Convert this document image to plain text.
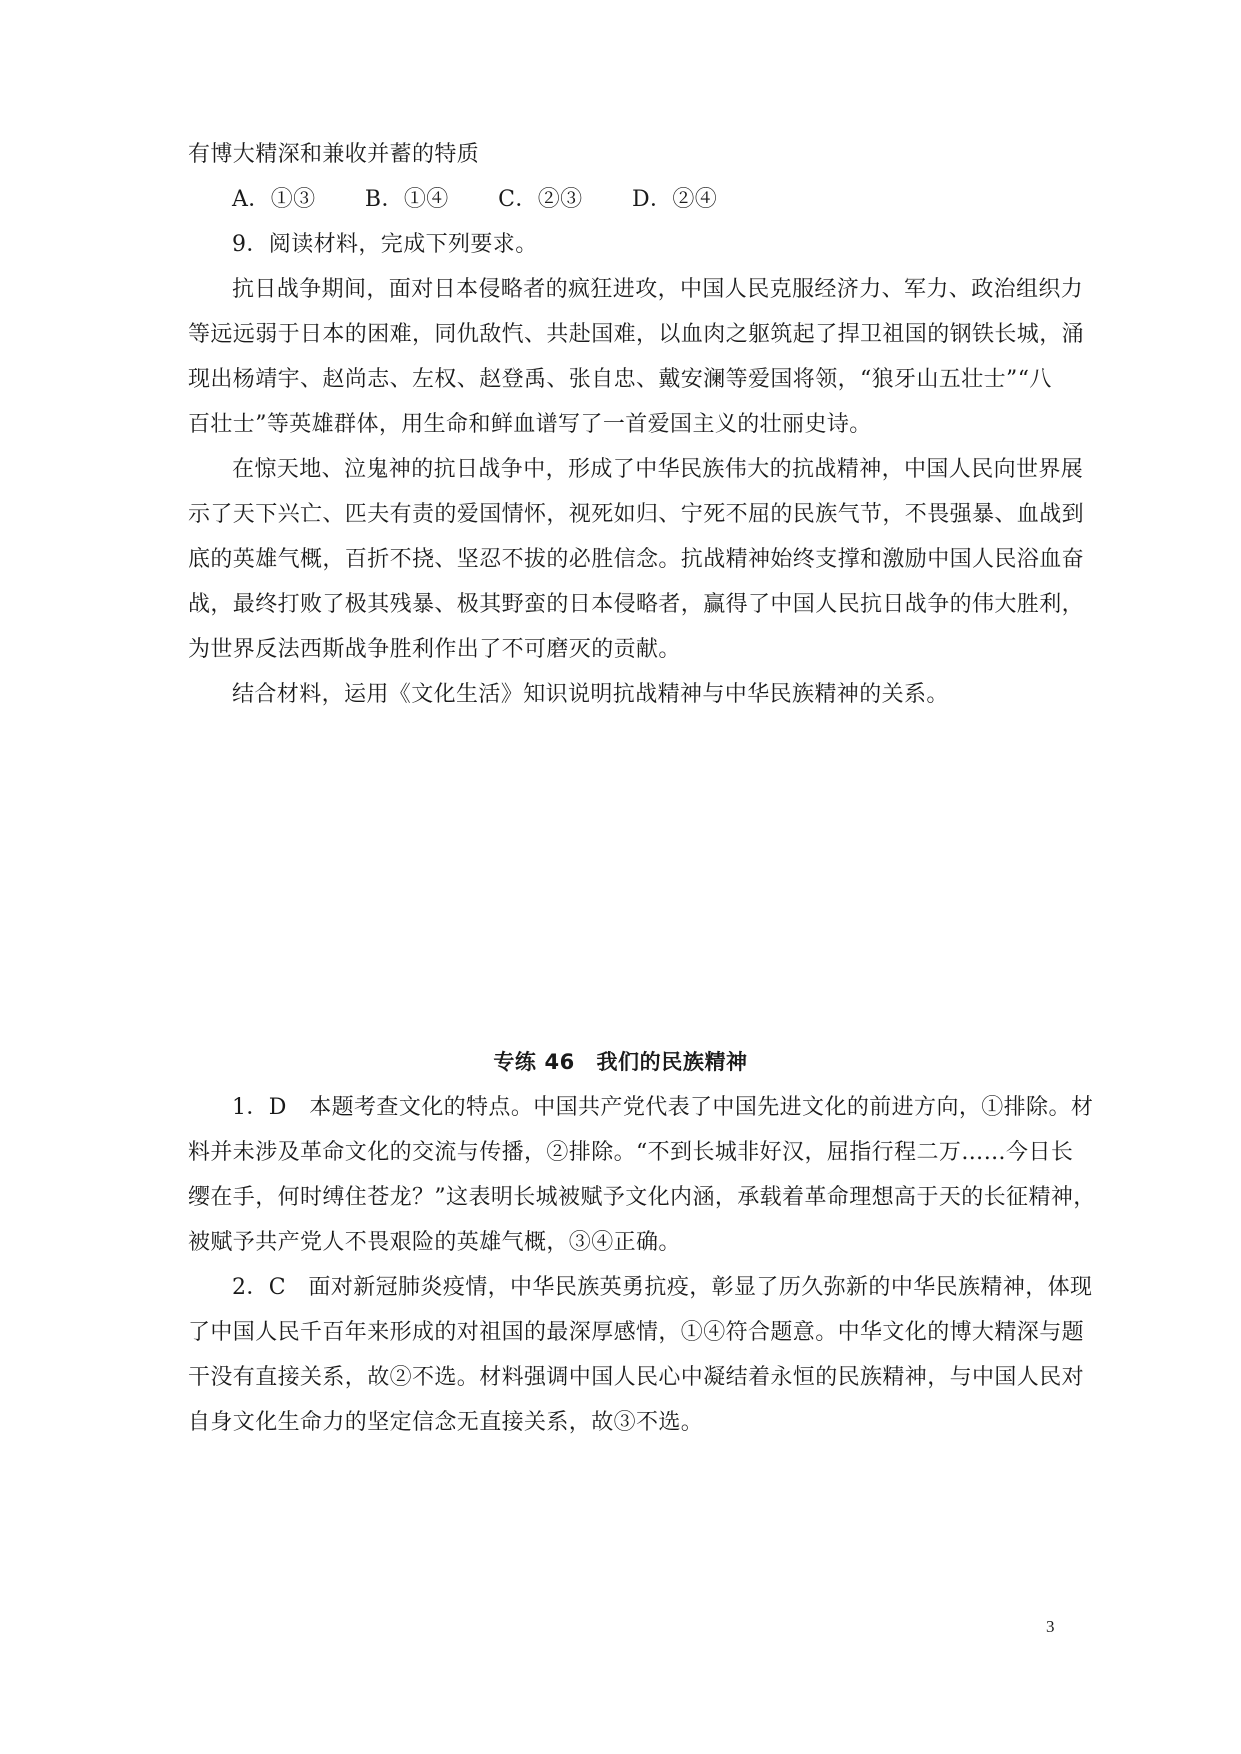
有博大精深和兼收并蓄的特质
A．①③ B．①④ C．②③ D．②④
9．阅读材料，完成下列要求。
抗日战争期间，面对日本侵略者的疯狂进攻，中国人民克服经济力、军力、政治组织力
等远远弱于日本的困难，同仇敌忾、共赴国难，以血肉之躯筑起了捍卫祖国的钢铁长城，涌
现出杨靖宇、赵尚志、左权、赵登禹、张自忠、戴安澜等爱国将领，“狼牙山五壮士”“八
百壮士”等英雄群体，用生命和鲜血谱写了一首爱国主义的壮丽史诗。
在惊天地、泣鬼神的抗日战争中，形成了中华民族伟大的抗战精神，中国人民向世界展
示了天下兴亡、匹夫有责的爱国情怀，视死如归、宁死不屈的民族气节，不畏强暴、血战到
底的英雄气概，百折不挠、坚忍不拔的必胜信念。抗战精神始终支撑和激励中国人民浴血奋
战，最终打败了极其残暴、极其野蛮的日本侵略者，赢得了中国人民抗日战争的伟大胜利，
为世界反法西斯战争胜利作出了不可磨灭的贡献。
结合材料，运用《文化生活》知识说明抗战精神与中华民族精神的关系。
专练 46　我们的民族精神
1．D　本题考查文化的特点。中国共产党代表了中国先进文化的前进方向，①排除。材
料并未涉及革命文化的交流与传播，②排除。“不到长城非好汉，屈指行程二万……今日长
缨在手，何时缚住苍龙？”这表明长城被赋予文化内涵，承载着革命理想高于天的长征精神，
被赋予共产党人不畏艰险的英雄气概，③④正确。
2．C　面对新冠肺炎疫情，中华民族英勇抗疫，彰显了历久弥新的中华民族精神，体现
了中国人民千百年来形成的对祖国的最深厚感情，①④符合题意。中华文化的博大精深与题
干没有直接关系，故②不选。材料强调中国人民心中凝结着永恒的民族精神，与中国人民对
自身文化生命力的坚定信念无直接关系，故③不选。
3
